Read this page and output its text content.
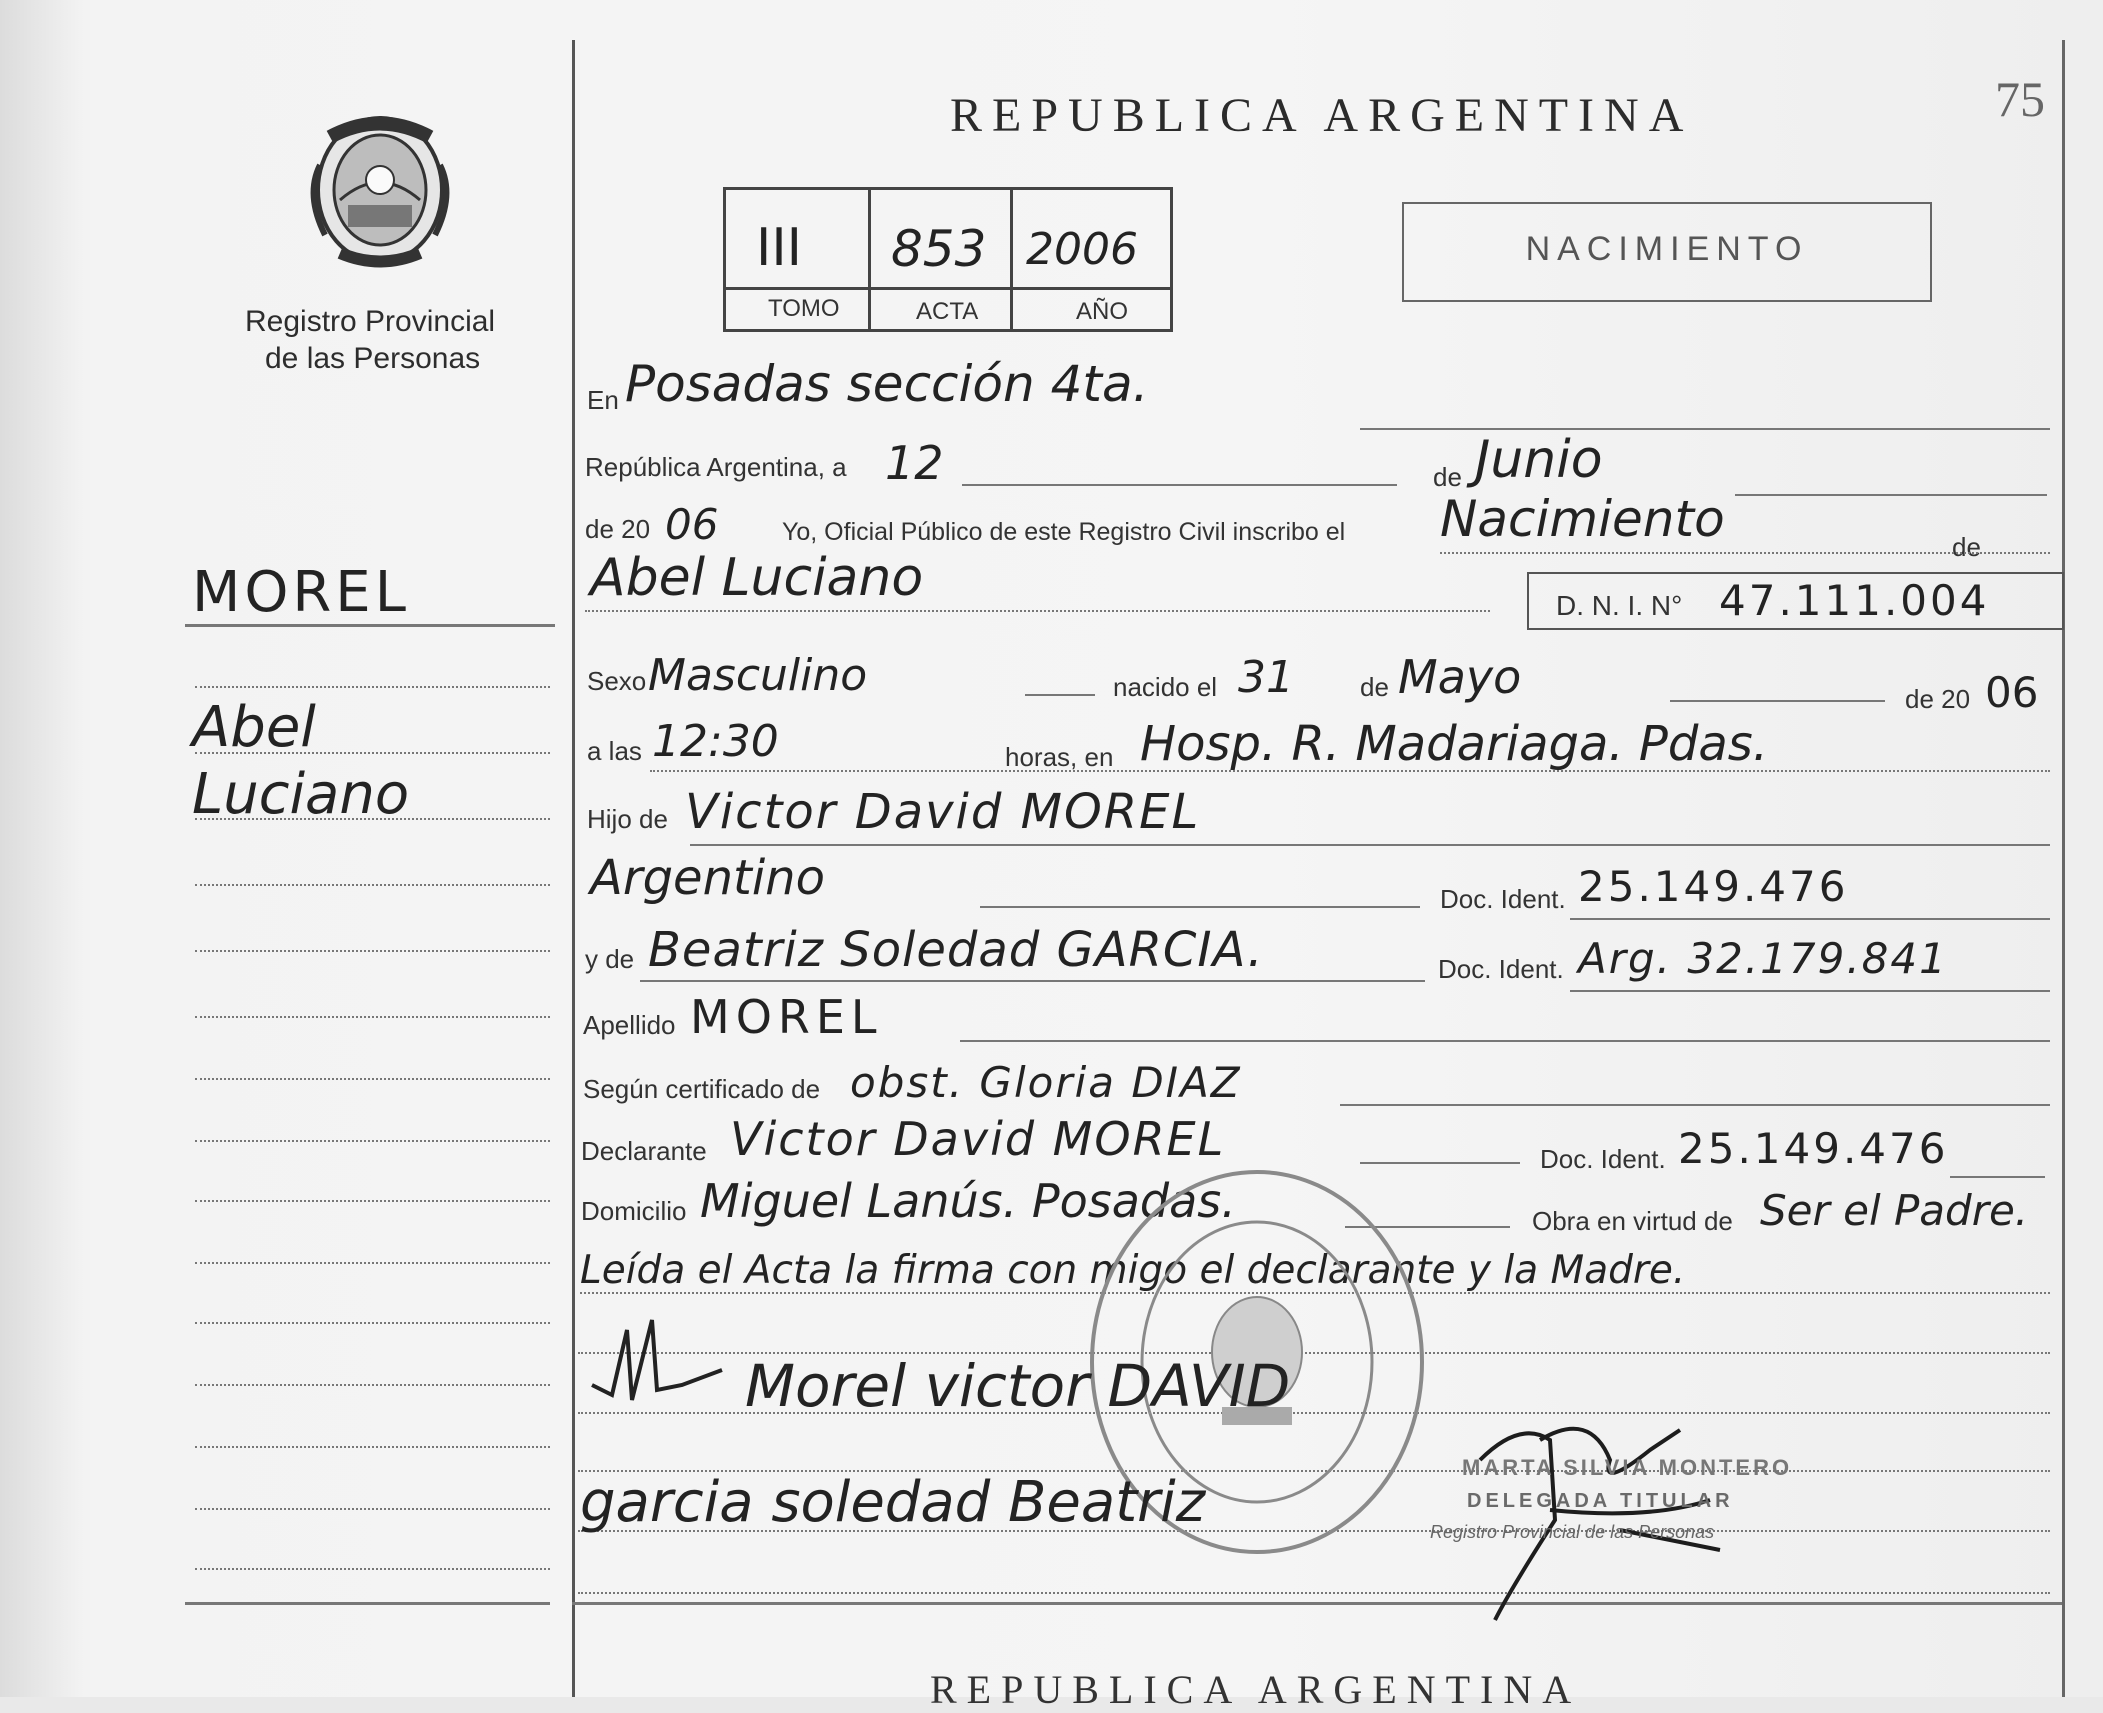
75
Registro Provincial
de las Personas
MOREL
Abel
Luciano
REPUBLICA ARGENTINA
III 853 2006
TOMO	ACTA	AÑO
NACIMIENTO
En Posadas sección 4ta.
República Argentina, a 12	de Junio
de 20 06	Yo, Oficial Público de este Registro Civil inscribo el Nacimiento	de
Abel Luciano	D. N. I. N° 47.111.004
Sexo Masculino	nacido el 31	de Mayo	de 20 06
a las 12:30	horas, en Hosp. R. Madariaga. Pdas.
Hijo de Victor David MOREL
Argentino	Doc. Ident. 25.149.476
y de Beatriz Soledad GARCIA.	Doc. Ident. Arg. 32.179.841
Apellido MOREL
Según certificado de obst. Gloria DIAZ
Declarante Victor David MOREL	Doc. Ident. 25.149.476
Domicilio Miguel Lanús. Posadas.	Obra en virtud de Ser el Padre.
Leída el Acta la firma con migo el declarante y la Madre.
Morel victor DAVID
garcia soledad Beatriz
MARTA SILVIA MONTERO
DELEGADA TITULAR
Registro Provincial de las Personas
REPUBLICA ARGENTINA
